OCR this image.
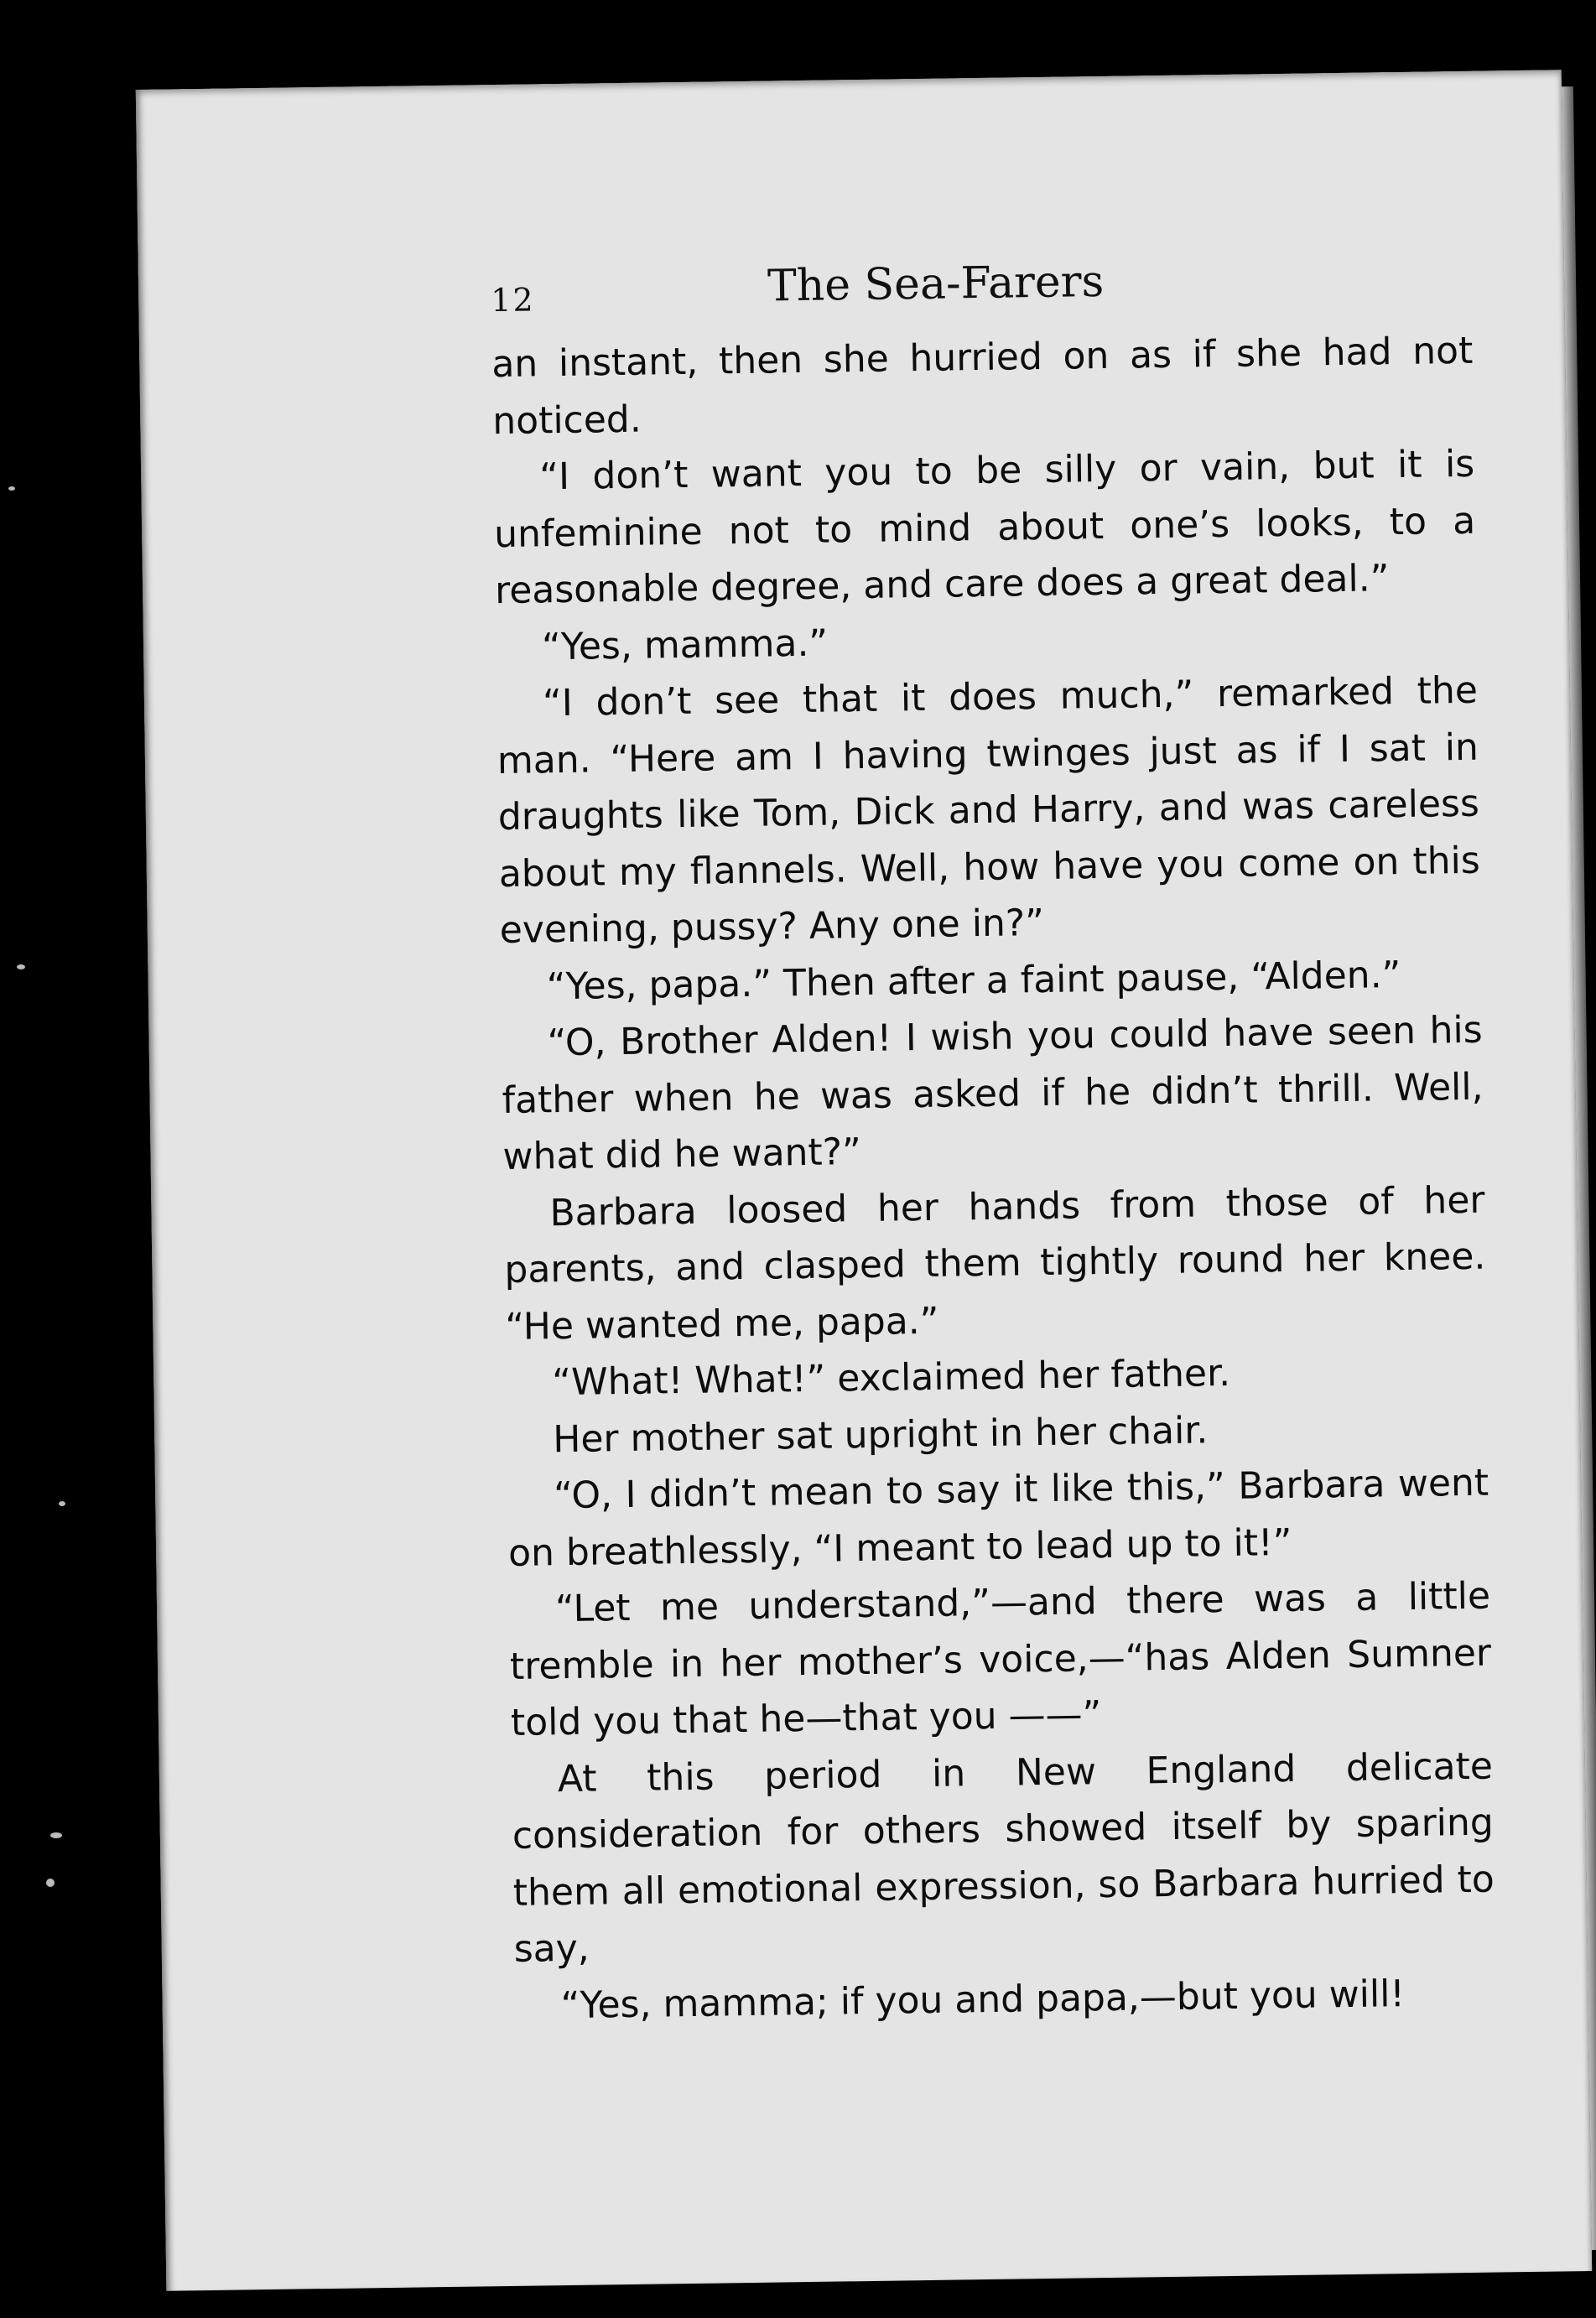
12	The Sea-Farers

an instant, then she hurried on as if she had not noticed.

“I don’t want you to be silly or vain, but it is unfeminine not to mind about one’s looks, to a reasonable degree, and care does a great deal.”

“Yes, mamma.”

“I don’t see that it does much,” remarked the man. “Here am I having twinges just as if I sat in draughts like Tom, Dick and Harry, and was careless about my flannels. Well, how have you come on this evening, pussy? Any one in?”

“Yes, papa.” Then after a faint pause, “Alden.”

“O, Brother Alden! I wish you could have seen his father when he was asked if he didn’t thrill. Well, what did he want?”

Barbara loosed her hands from those of her parents, and clasped them tightly round her knee. “He wanted me, papa.”

“What! What!” exclaimed her father.

Her mother sat upright in her chair.

“O, I didn’t mean to say it like this,” Barbara went on breathlessly, “I meant to lead up to it!”

“Let me understand,”—and there was a little tremble in her mother’s voice,—“has Alden Sumner told you that he—that you ——”

At this period in New England delicate consideration for others showed itself by sparing them all emotional expression, so Barbara hurried to say,

“Yes, mamma; if you and papa,—but you will!
